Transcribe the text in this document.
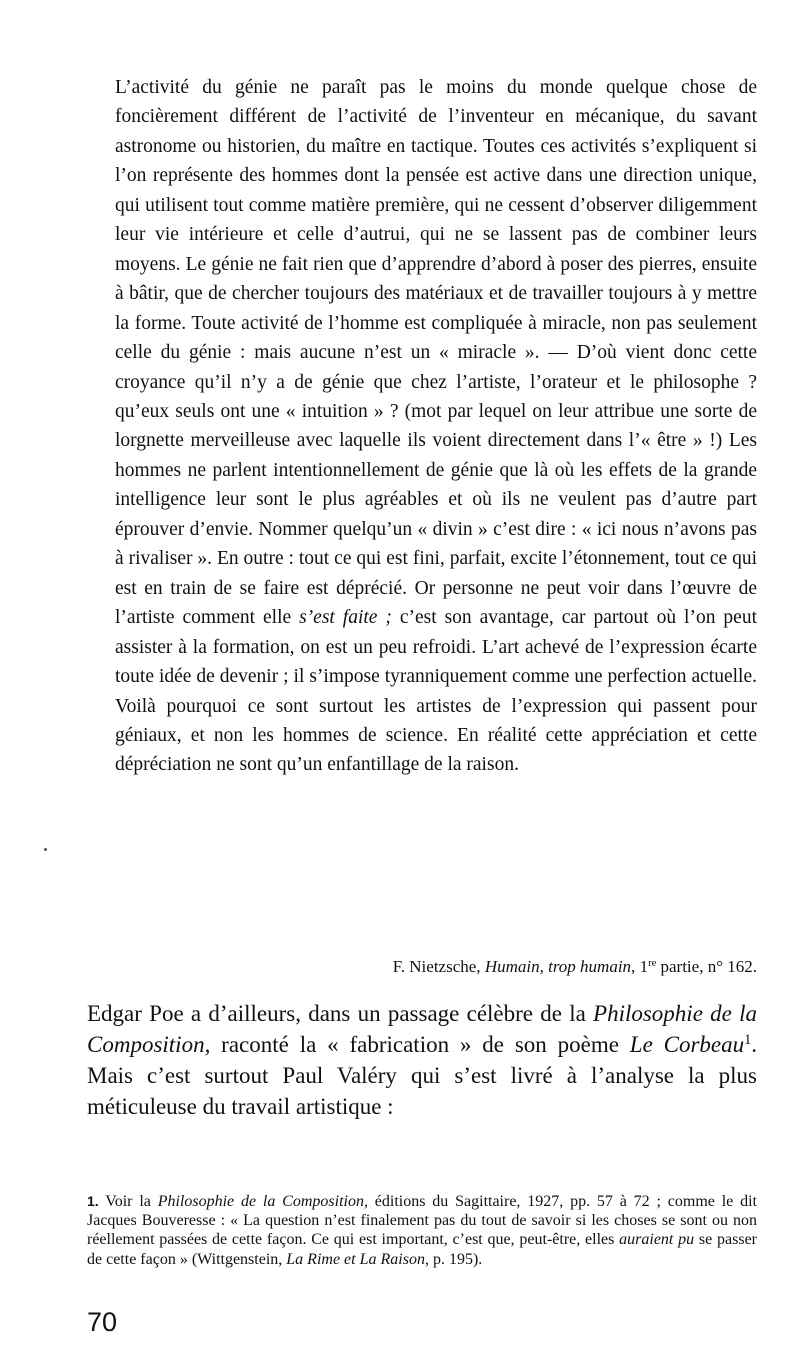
L’activité du génie ne paraît pas le moins du monde quelque chose de foncièrement différent de l’activité de l’inventeur en mécanique, du savant astronome ou historien, du maître en tactique. Toutes ces activités s’expliquent si l’on représente des hommes dont la pensée est active dans une direction unique, qui utilisent tout comme matière première, qui ne cessent d’observer diligemment leur vie intérieure et celle d’autrui, qui ne se lassent pas de combiner leurs moyens. Le génie ne fait rien que d’apprendre d’abord à poser des pierres, ensuite à bâtir, que de chercher toujours des matériaux et de travailler toujours à y mettre la forme. Toute activité de l’homme est compliquée à miracle, non pas seulement celle du génie : mais aucune n’est un « miracle ». — D’où vient donc cette croyance qu’il n’y a de génie que chez l’artiste, l’orateur et le philosophe ? qu’eux seuls ont une « intuition » ? (mot par lequel on leur attribue une sorte de lorgnette merveilleuse avec laquelle ils voient directement dans l’« être » !) Les hommes ne parlent intentionnellement de génie que là où les effets de la grande intelligence leur sont le plus agréables et où ils ne veulent pas d’autre part éprouver d’envie. Nommer quelqu’un « divin » c’est dire : « ici nous n’avons pas à rivaliser ». En outre : tout ce qui est fini, parfait, excite l’étonnement, tout ce qui est en train de se faire est déprécié. Or personne ne peut voir dans l’œuvre de l’artiste comment elle s’est faite ; c’est son avantage, car partout où l’on peut assister à la formation, on est un peu refroidi. L’art achevé de l’expression écarte toute idée de devenir ; il s’impose tyranniquement comme une perfection actuelle. Voilà pourquoi ce sont surtout les artistes de l’expression qui passent pour géniaux, et non les hommes de science. En réalité cette appréciation et cette dépréciation ne sont qu’un enfantillage de la raison.

F. Nietzsche, Humain, trop humain, 1re partie, n° 162.

Edgar Poe a d’ailleurs, dans un passage célèbre de la Philosophie de la Composition, raconté la « fabrication » de son poème Le Corbeau$^1$. Mais c’est surtout Paul Valéry qui s’est livré à l’analyse la plus méticuleuse du travail artistique :

1. Voir la Philosophie de la Composition, éditions du Sagittaire, 1927, pp. 57 à 72 ; comme le dit Jacques Bouveresse : « La question n’est finalement pas du tout de savoir si les choses se sont ou non réellement passées de cette façon. Ce qui est important, c’est que, peut-être, elles auraient pu se passer de cette façon » (Wittgenstein, La Rime et La Raison, p. 195).

70
